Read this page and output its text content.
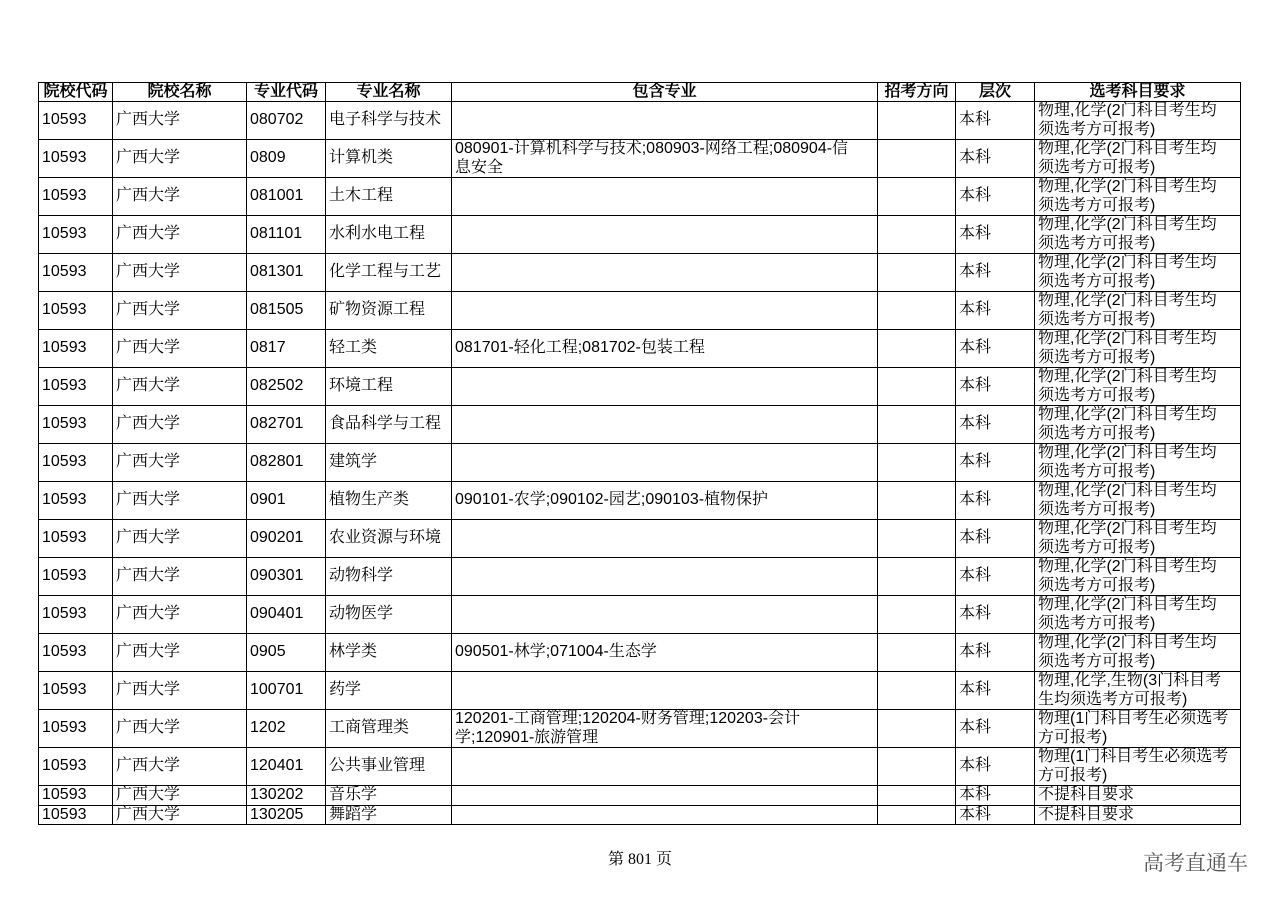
院校代码	院校名称	专业代码	专业名称	包含专业	招考方向	层次	选考科目要求
10593	广西大学	080702	电子科学与技术			本科	物理,化学(2门科目考生均须选考方可报考)
10593	广西大学	0809	计算机类	080901-计算机科学与技术;080903-网络工程;080904-信息安全		本科	物理,化学(2门科目考生均须选考方可报考)
10593	广西大学	081001	土木工程			本科	物理,化学(2门科目考生均须选考方可报考)
10593	广西大学	081101	水利水电工程			本科	物理,化学(2门科目考生均须选考方可报考)
10593	广西大学	081301	化学工程与工艺			本科	物理,化学(2门科目考生均须选考方可报考)
10593	广西大学	081505	矿物资源工程			本科	物理,化学(2门科目考生均须选考方可报考)
10593	广西大学	0817	轻工类	081701-轻化工程;081702-包装工程		本科	物理,化学(2门科目考生均须选考方可报考)
10593	广西大学	082502	环境工程			本科	物理,化学(2门科目考生均须选考方可报考)
10593	广西大学	082701	食品科学与工程			本科	物理,化学(2门科目考生均须选考方可报考)
10593	广西大学	082801	建筑学			本科	物理,化学(2门科目考生均须选考方可报考)
10593	广西大学	0901	植物生产类	090101-农学;090102-园艺;090103-植物保护		本科	物理,化学(2门科目考生均须选考方可报考)
10593	广西大学	090201	农业资源与环境			本科	物理,化学(2门科目考生均须选考方可报考)
10593	广西大学	090301	动物科学			本科	物理,化学(2门科目考生均须选考方可报考)
10593	广西大学	090401	动物医学			本科	物理,化学(2门科目考生均须选考方可报考)
10593	广西大学	0905	林学类	090501-林学;071004-生态学		本科	物理,化学(2门科目考生均须选考方可报考)
10593	广西大学	100701	药学			本科	物理,化学,生物(3门科目考生均须选考方可报考)
10593	广西大学	1202	工商管理类	120201-工商管理;120204-财务管理;120203-会计学;120901-旅游管理		本科	物理(1门科目考生必须选考方可报考)
10593	广西大学	120401	公共事业管理			本科	物理(1门科目考生必须选考方可报考)
10593	广西大学	130202	音乐学			本科	不提科目要求
10593	广西大学	130205	舞蹈学			本科	不提科目要求
第 801 页	高考直通车
